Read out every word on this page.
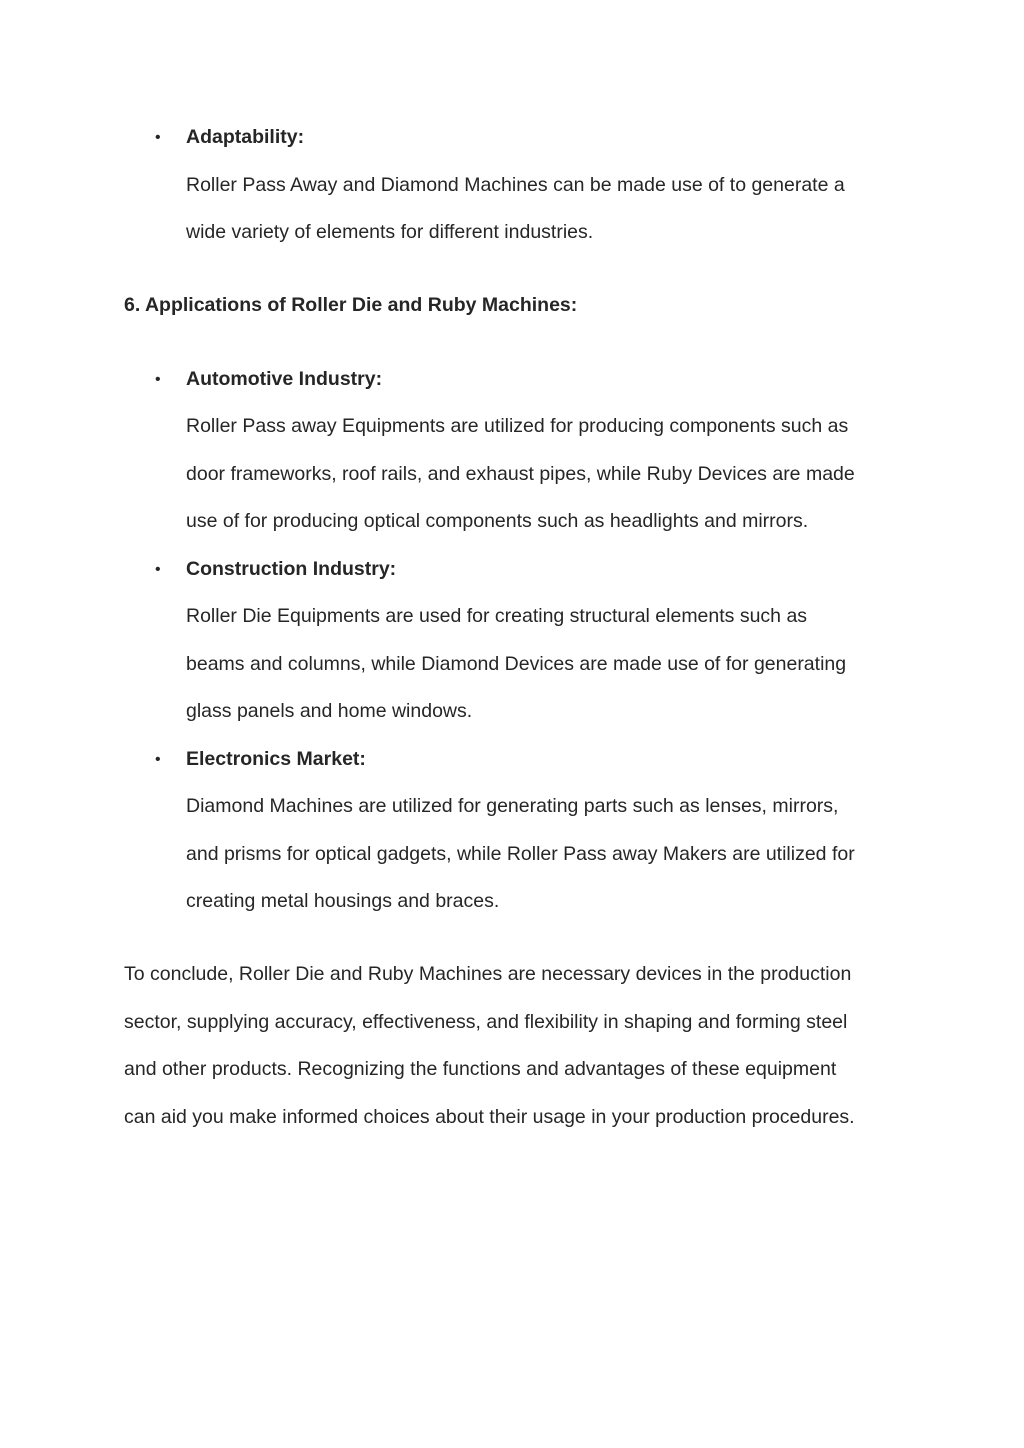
• Adaptability:
Roller Pass Away and Diamond Machines can be made use of to generate a
wide variety of elements for different industries.
6. Applications of Roller Die and Ruby Machines:
• Automotive Industry:
Roller Pass away Equipments are utilized for producing components such as
door frameworks, roof rails, and exhaust pipes, while Ruby Devices are made
use of for producing optical components such as headlights and mirrors.
• Construction Industry:
Roller Die Equipments are used for creating structural elements such as
beams and columns, while Diamond Devices are made use of for generating
glass panels and home windows.
• Electronics Market:
Diamond Machines are utilized for generating parts such as lenses, mirrors,
and prisms for optical gadgets, while Roller Pass away Makers are utilized for
creating metal housings and braces.
To conclude, Roller Die and Ruby Machines are necessary devices in the production
sector, supplying accuracy, effectiveness, and flexibility in shaping and forming steel
and other products. Recognizing the functions and advantages of these equipment
can aid you make informed choices about their usage in your production procedures.
